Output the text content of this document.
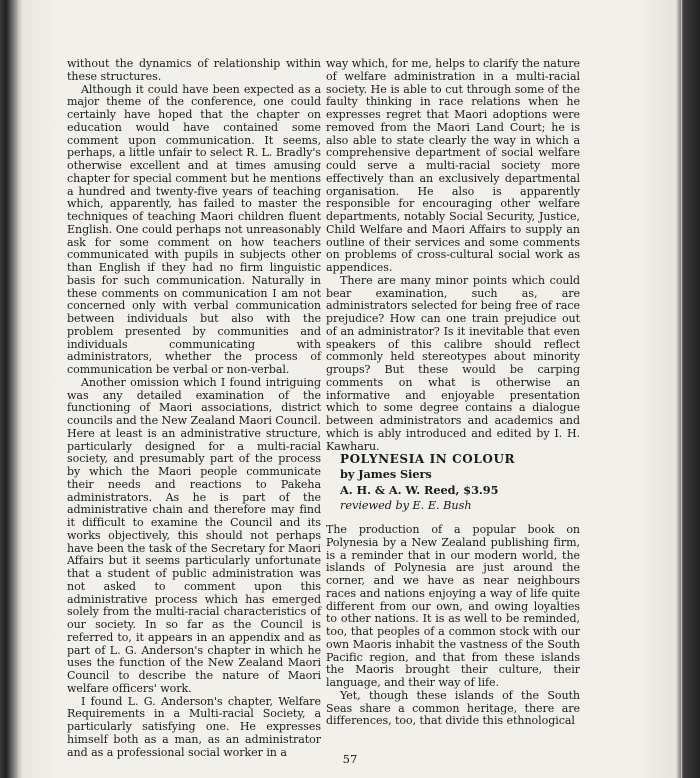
without the dynamics of relationship within these structures.

Although it could have been expected as a major theme of the conference, one could certainly have hoped that the chapter on education would have contained some comment upon communication. It seems, perhaps, a little unfair to select R. L. Bradly's otherwise excellent and at times amusing chapter for special comment but he mentions a hundred and twenty-five years of teaching which, apparently, has failed to master the techniques of teaching Maori children fluent English. One could perhaps not unreasonably ask for some comment on how teachers communicated with pupils in subjects other than English if they had no firm linguistic basis for such communication. Naturally in these comments on communication I am not concerned only with verbal communication between individuals but also with the problem presented by communities and individuals communicating with administrators, whether the process of communication be verbal or non-verbal.

Another omission which I found intriguing was any detailed examination of the functioning of Maori associations, district councils and the New Zealand Maori Council. Here at least is an administrative structure, particularly designed for a multi-racial society, and presumably part of the process by which the Maori people communicate their needs and reactions to Pakeha administrators. As he is part of the administrative chain and therefore may find it difficult to examine the Council and its works objectively, this should not perhaps have been the task of the Secretary for Maori Affairs but it seems particularly unfortunate that a student of public administration was not asked to comment upon this administrative process which has emerged solely from the multi-racial characteristics of our society. In so far as the Council is referred to, it appears in an appendix and as part of L. G. Anderson's chapter in which he uses the function of the New Zealand Maori Council to describe the nature of Maori welfare officers' work.

I found L. G. Anderson's chapter, Welfare Requirements in a Multi-racial Society, a particularly satisfying one. He expresses himself both as a man, as an administrator and as a professional social worker in a

way which, for me, helps to clarify the nature of welfare administration in a multi-racial society. He is able to cut through some of the faulty thinking in race relations when he expresses regret that Maori adoptions were removed from the Maori Land Court; he is also able to state clearly the way in which a comprehensive department of social welfare could serve a multi-racial society more effectively than an exclusively departmental organisation. He also is apparently responsible for encouraging other welfare departments, notably Social Security, Justice, Child Welfare and Maori Affairs to supply an outline of their services and some comments on problems of cross-cultural social work as appendices.

There are many minor points which could bear examination, such as, are administrators selected for being free of race prejudice? How can one train prejudice out of an administrator? Is it inevitable that even speakers of this calibre should reflect commonly held stereotypes about minority groups? But these would be carping comments on what is otherwise an informative and enjoyable presentation which to some degree contains a dialogue between administrators and academics and which is ably introduced and edited by I. H. Kawharu.

POLYNESIA IN COLOUR

by James Siers

A. H. & A. W. Reed, $3.95

reviewed by E. E. Bush

The production of a popular book on Polynesia by a New Zealand publishing firm, is a reminder that in our modern world, the islands of Polynesia are just around the corner, and we have as near neighbours races and nations enjoying a way of life quite different from our own, and owing loyalties to other nations. It is as well to be reminded, too, that peoples of a common stock with our own Maoris inhabit the vastness of the South Pacific region, and that from these islands the Maoris brought their culture, their language, and their way of life.

Yet, though these islands of the South Seas share a common heritage, there are differences, too, that divide this ethnological

57
